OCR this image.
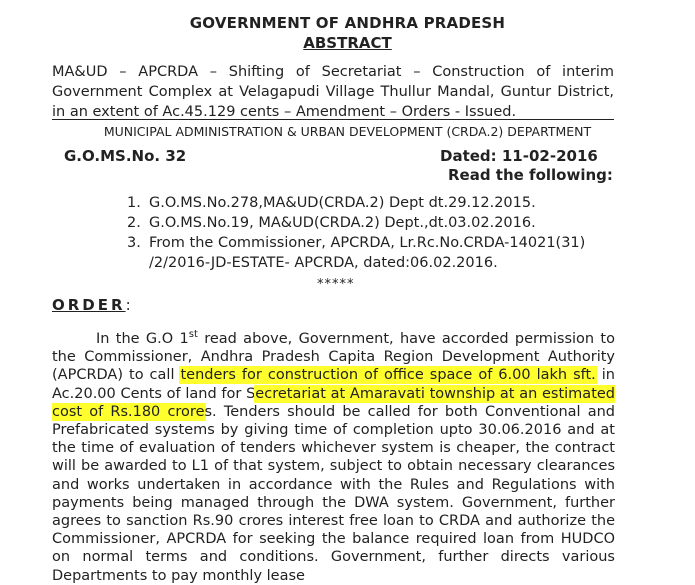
GOVERNMENT OF ANDHRA PRADESH
ABSTRACT
MA&UD – APCRDA – Shifting of Secretariat – Construction of interim Government Complex at Velagapudi Village Thullur Mandal, Guntur District, in an extent of Ac.45.129 cents – Amendment – Orders - Issued.
MUNICIPAL ADMINISTRATION & URBAN DEVELOPMENT (CRDA.2) DEPARTMENT
G.O.MS.No. 32	Dated: 11-02-2016
Read the following:
1. G.O.MS.No.278,MA&UD(CRDA.2) Dept dt.29.12.2015.
2. G.O.MS.No.19, MA&UD(CRDA.2) Dept.,dt.03.02.2016.
3. From the Commissioner, APCRDA, Lr.Rc.No.CRDA-14021(31) /2/2016-JD-ESTATE- APCRDA, dated:06.02.2016.
*****
ORDER:
In the G.O 1st read above, Government, have accorded permission to the Commissioner, Andhra Pradesh Capita Region Development Authority (APCRDA) to call tenders for construction of office space of 6.00 lakh sft. in Ac.20.00 Cents of land for Secretariat at Amaravati township at an estimated cost of Rs.180 crores. Tenders should be called for both Conventional and Prefabricated systems by giving time of completion upto 30.06.2016 and at the time of evaluation of tenders whichever system is cheaper, the contract will be awarded to L1 of that system, subject to obtain necessary clearances and works undertaken in accordance with the Rules and Regulations with payments being managed through the DWA system. Government, further agrees to sanction Rs.90 crores interest free loan to CRDA and authorize the Commissioner, APCRDA for seeking the balance required loan from HUDCO on normal terms and conditions. Government, further directs various Departments to pay monthly lease
